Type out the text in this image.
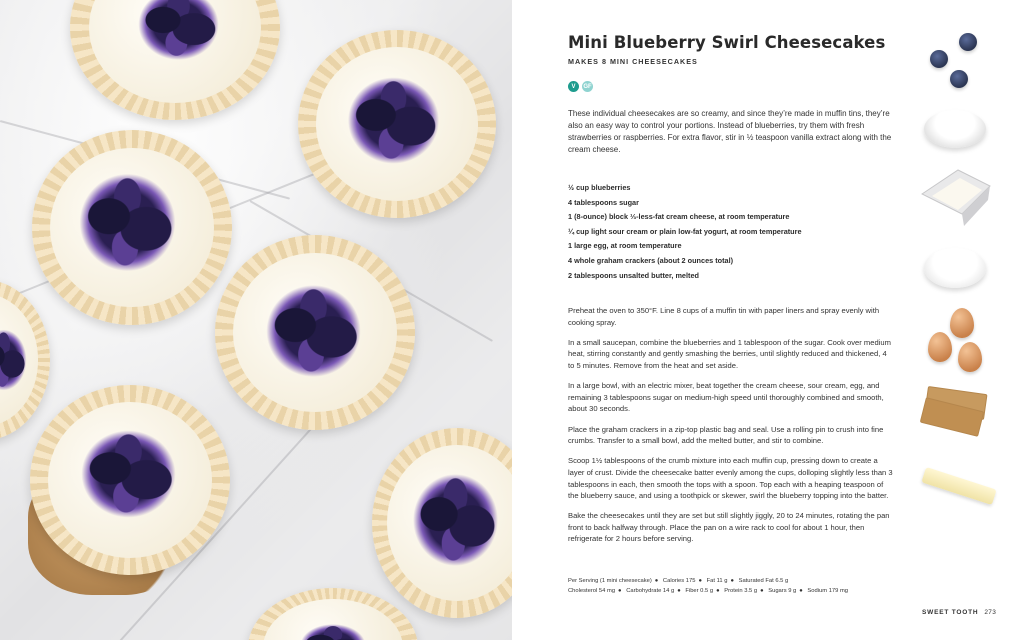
Mini Blueberry Swirl Cheesecakes
MAKES 8 MINI CHEESECAKES
V	GF

These individual cheesecakes are so creamy, and since they’re made in muffin tins, they’re also an easy way to control your portions. Instead of blueberries, try them with fresh strawberries or raspberries. For extra flavor, stir in ½ teaspoon vanilla extract along with the cream cheese.

½ cup blueberries
4 tablespoons sugar
1 (8-ounce) block ⅓-less-fat cream cheese, at room temperature
¼ cup light sour cream or plain low-fat yogurt, at room temperature
1 large egg, at room temperature
4 whole graham crackers (about 2 ounces total)
2 tablespoons unsalted butter, melted

Preheat the oven to 350°F. Line 8 cups of a muffin tin with paper liners and spray evenly with cooking spray.

In a small saucepan, combine the blueberries and 1 tablespoon of the sugar. Cook over medium heat, stirring constantly and gently smashing the berries, until slightly reduced and thickened, 4 to 5 minutes. Remove from the heat and set aside.

In a large bowl, with an electric mixer, beat together the cream cheese, sour cream, egg, and remaining 3 tablespoons sugar on medium-high speed until thoroughly combined and smooth, about 30 seconds.

Place the graham crackers in a zip-top plastic bag and seal. Use a rolling pin to crush into fine crumbs. Transfer to a small bowl, add the melted butter, and stir to combine.

Scoop 1½ tablespoons of the crumb mixture into each muffin cup, pressing down to create a layer of crust. Divide the cheesecake batter evenly among the cups, dolloping slightly less than 3 tablespoons in each, then smooth the tops with a spoon. Top each with a heaping teaspoon of the blueberry sauce, and using a toothpick or skewer, swirl the blueberry topping into the batter.

Bake the cheesecakes until they are set but still slightly jiggly, 20 to 24 minutes, rotating the pan front to back halfway through. Place the pan on a wire rack to cool for about 1 hour, then refrigerate for 2 hours before serving.

Per Serving (1 mini cheesecake) ● Calories 175 ● Fat 11 g ● Saturated Fat 6.5 g
Cholesterol 54 mg ● Carbohydrate 14 g ● Fiber 0.5 g ● Protein 3.5 g ● Sugars 9 g ● Sodium 179 mg
SWEET TOOTH 273
